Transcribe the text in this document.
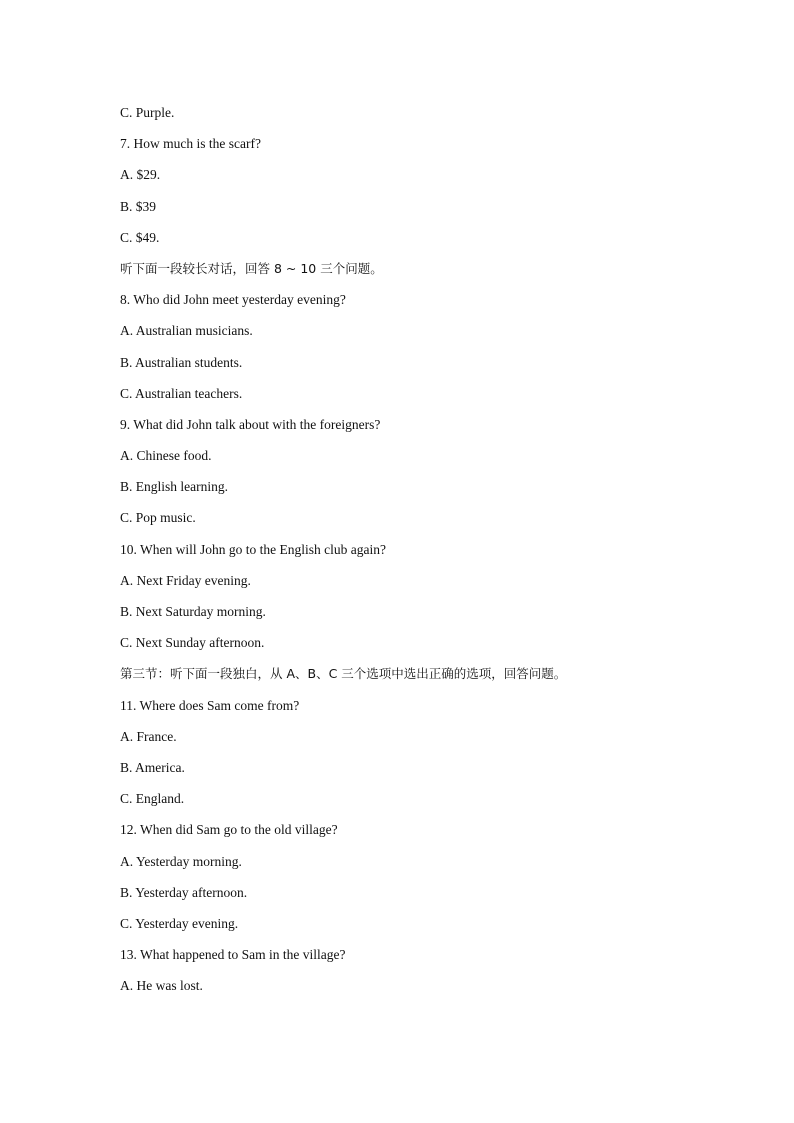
C. Purple.
7. How much is the scarf?
A. $29.
B. $39
C. $49.
听下面一段较长对话，回答 8 ~ 10 三个问题。
8. Who did John meet yesterday evening?
A. Australian musicians.
B. Australian students.
C. Australian teachers.
9. What did John talk about with the foreigners?
A. Chinese food.
B. English learning.
C. Pop music.
10. When will John go to the English club again?
A. Next Friday evening.
B. Next Saturday morning.
C. Next Sunday afternoon.
第三节：听下面一段独白，从 A、B、C 三个选项中选出正确的选项，回答问题。
11. Where does Sam come from?
A. France.
B. America.
C. England.
12. When did Sam go to the old village?
A. Yesterday morning.
B. Yesterday afternoon.
C. Yesterday evening.
13. What happened to Sam in the village?
A. He was lost.
